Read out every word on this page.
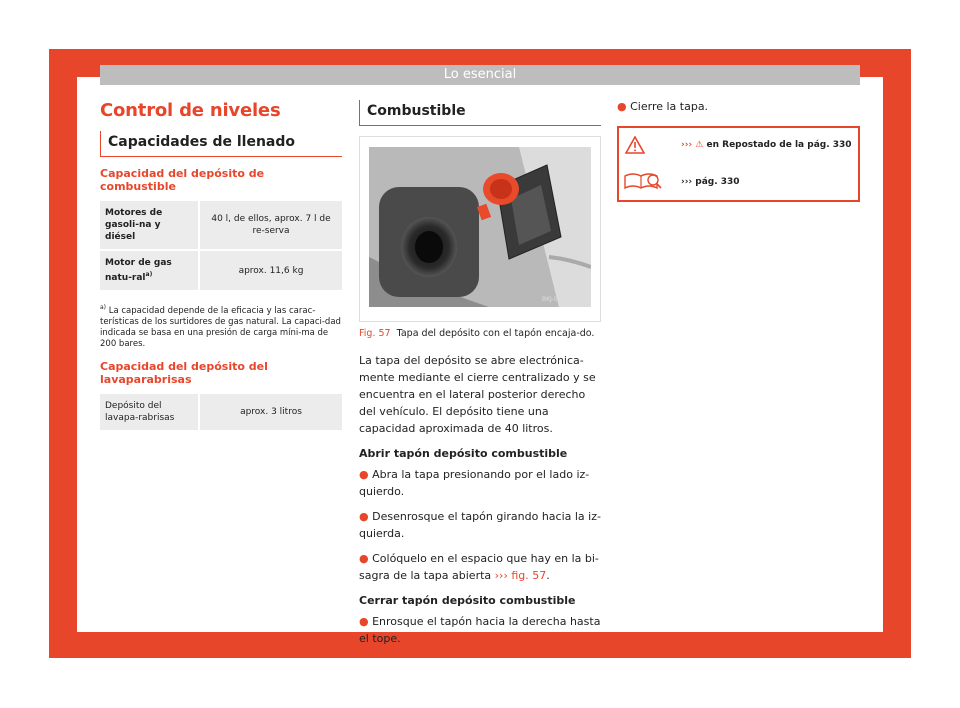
Lo esencial
Control de niveles
Capacidades de llenado
Capacidad del depósito de combustible
Motores de gasoli-na y diésel	40 l, de ellos, aprox. 7 l de re-serva
Motor de gas natu-ral$^{a)}$	aprox. 11,6 kg
$^{a)}$ La capacidad depende de la eficacia y las carac-terísticas de los surtidores de gas natural. La capaci-dad indicada se basa en una presión de carga míni-ma de 200 bares.
Capacidad del depósito del lavaparabrisas
Depósito del lavapa-rabrisas	aprox. 3 litros
Combustible
BKJ-0220
Fig. 57 Tapa del depósito con el tapón encaja-do.

La tapa del depósito se abre electrónica-mente mediante el cierre centralizado y se encuentra en el lateral posterior derecho del vehículo. El depósito tiene una capacidad aproximada de 40 litros.

Abrir tapón depósito combustible

● Abra la tapa presionando por el lado iz-quierdo.

● Desenrosque el tapón girando hacia la iz-quierda.

● Colóquelo en el espacio que hay en la bi-sagra de la tapa abierta ››› fig. 57.

Cerrar tapón depósito combustible

● Enrosque el tapón hacia la derecha hasta el tope.

● Cierre la tapa.
››› ⚠ en Repostado de la pág. 330
››› pág. 330
49
